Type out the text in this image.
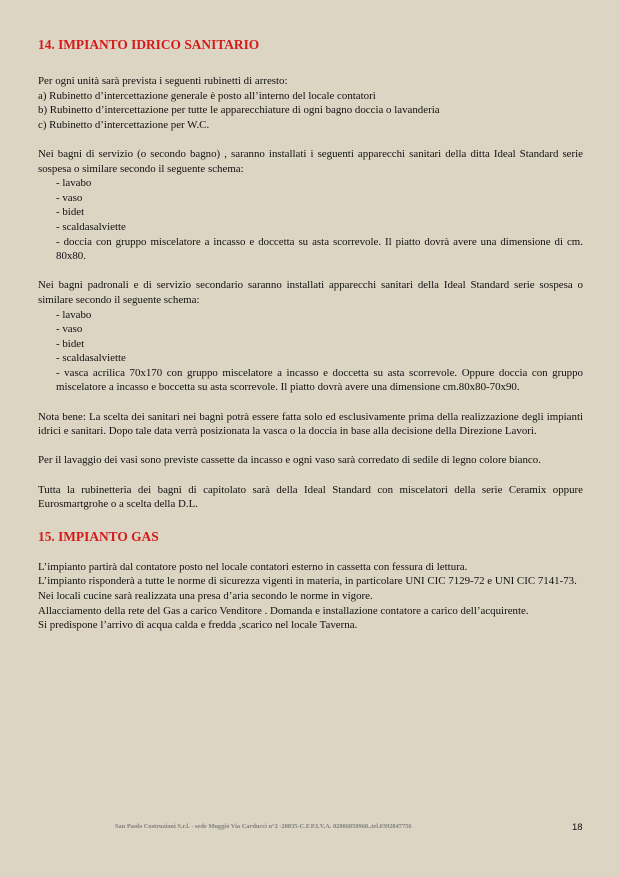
14. IMPIANTO IDRICO SANITARIO

Per ogni unità sarà prevista i seguenti rubinetti di arresto:

a) Rubinetto d’intercettazione generale è posto all’interno del locale contatori

b) Rubinetto d’intercettazione per tutte le apparecchiature di ogni bagno doccia o lavanderia

c) Rubinetto d’intercettazione per W.C.

Nei bagni di servizio (o secondo bagno) , saranno installati i seguenti apparecchi sanitari della ditta Ideal Standard serie sospesa o similare secondo il seguente schema:

- lavabo
- vaso
- bidet
- scaldasalviette
- doccia con gruppo miscelatore a incasso e doccetta su asta scorrevole. Il piatto dovrà avere una dimensione di cm. 80x80.

Nei bagni padronali e di servizio secondario saranno installati apparecchi sanitari della Ideal Standard serie sospesa o similare secondo il seguente schema:

- lavabo
- vaso
- bidet
- scaldasalviette
- vasca acrilica 70x170 con gruppo miscelatore a incasso e doccetta su asta scorrevole. Oppure doccia con gruppo miscelatore a incasso e boccetta su asta scorrevole. Il piatto dovrà avere una dimensione cm.80x80-70x90.

Nota bene: La scelta dei sanitari nei bagni potrà essere fatta solo ed esclusivamente prima della realizzazione degli impianti idrici e sanitari. Dopo tale data verrà posizionata la vasca o la doccia in base alla decisione della Direzione Lavori.

Per il lavaggio dei vasi sono previste cassette da incasso e ogni vaso sarà corredato di sedile di legno colore bianco.

Tutta la rubinetteria dei bagni di capitolato sarà della Ideal Standard con miscelatori della serie Ceramix oppure Eurosmartgrohe o a scelta della D.L.

15. IMPIANTO GAS

L’impianto partirà dal contatore posto nel locale contatori esterno in cassetta con fessura di lettura.

L’impianto risponderà a tutte le norme di sicurezza vigenti in materia, in particolare UNI CIC 7129-72 e UNI CIC 7141-73.

Nei locali cucine sarà realizzata una presa d’aria secondo le norme in vigore.

Allacciamento della rete del Gas a carico Venditore . Domanda e installazione contatore a carico dell’acquirente.

Si predispone l’arrivo di acqua calda e fredda ,scarico nel locale Taverna.

San Paolo Costruzioni S.r.l. - sede Muggiò Via Carducci n°2 -20835-C.F.P.I.V.A. 02806850968..tel.0392847756	18
